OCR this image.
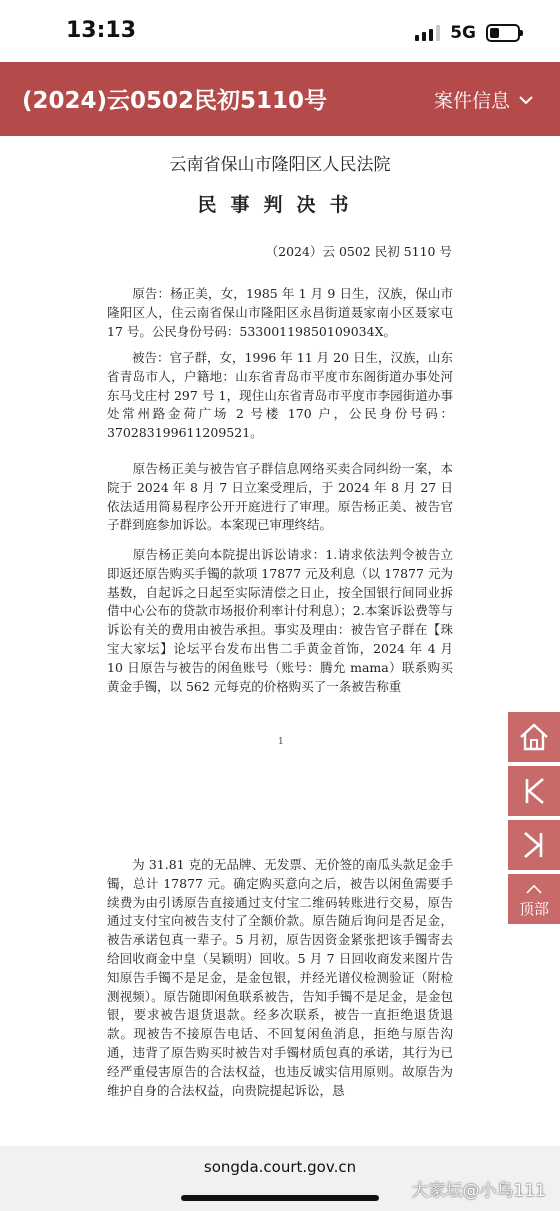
13:13	5G
(2024)云0502民初5110号	案件信息
云南省保山市隆阳区人民法院
民事判决书
（2024）云 0502 民初 5110 号

　　原告：杨正美，女，1985 年 1 月 9 日生，汉族，保山市隆阳区人，住云南省保山市隆阳区永昌街道聂家南小区聂家屯 17 号。公民身份号码：53300119850109034X。

　　被告：官子群，女，1996 年 11 月 20 日生，汉族，山东省青岛市人，户籍地：山东省青岛市平度市东阁街道办事处河东马戈庄村 297 号 1，现住山东省青岛市平度市李园街道办事处常州路金荷广场 2 号楼 170 户，公民身份号码：370283199611209521。

　　原告杨正美与被告官子群信息网络买卖合同纠纷一案，本院于 2024 年 8 月 7 日立案受理后，于 2024 年 8 月 27 日依法适用简易程序公开开庭进行了审理。原告杨正美、被告官子群到庭参加诉讼。本案现已审理终结。

　　原告杨正美向本院提出诉讼请求：1.请求依法判令被告立即返还原告购买手镯的款项 17877 元及利息（以 17877 元为基数，自起诉之日起至实际清偿之日止，按全国银行间同业拆借中心公布的贷款市场报价利率计付利息）；2.本案诉讼费等与诉讼有关的费用由被告承担。事实及理由：被告官子群在【珠宝大家坛】论坛平台发布出售二手黄金首饰，2024 年 4 月 10 日原告与被告的闲鱼账号（账号：腾允 mama）联系购买黄金手镯，以 562 元每克的价格购买了一条被告称重

1

　　为 31.81 克的无品牌、无发票、无价签的南瓜头款足金手镯，总计 17877 元。确定购买意向之后，被告以闲鱼需要手续费为由引诱原告直接通过支付宝二维码转账进行交易，原告通过支付宝向被告支付了全额价款。原告随后询问是否足金，被告承诺包真一辈子。5 月初，原告因资金紧张把该手镯寄去给回收商金中皇（吴颖明）回收。5 月 7 日回收商发来图片告知原告手镯不是足金，是金包银，并经光谱仪检测验证（附检测视频）。原告随即闲鱼联系被告，告知手镯不是足金，是金包银，要求被告退货退款。经多次联系，被告一直拒绝退货退款。现被告不接原告电话、不回复闲鱼消息，拒绝与原告沟通，违背了原告购买时被告对手镯材质包真的承诺，其行为已经严重侵害原告的合法权益，也违反诚实信用原则。故原告为维护自身的合法权益，向贵院提起诉讼，恳

顶部
songda.court.gov.cn
大家坛@小鸟111
